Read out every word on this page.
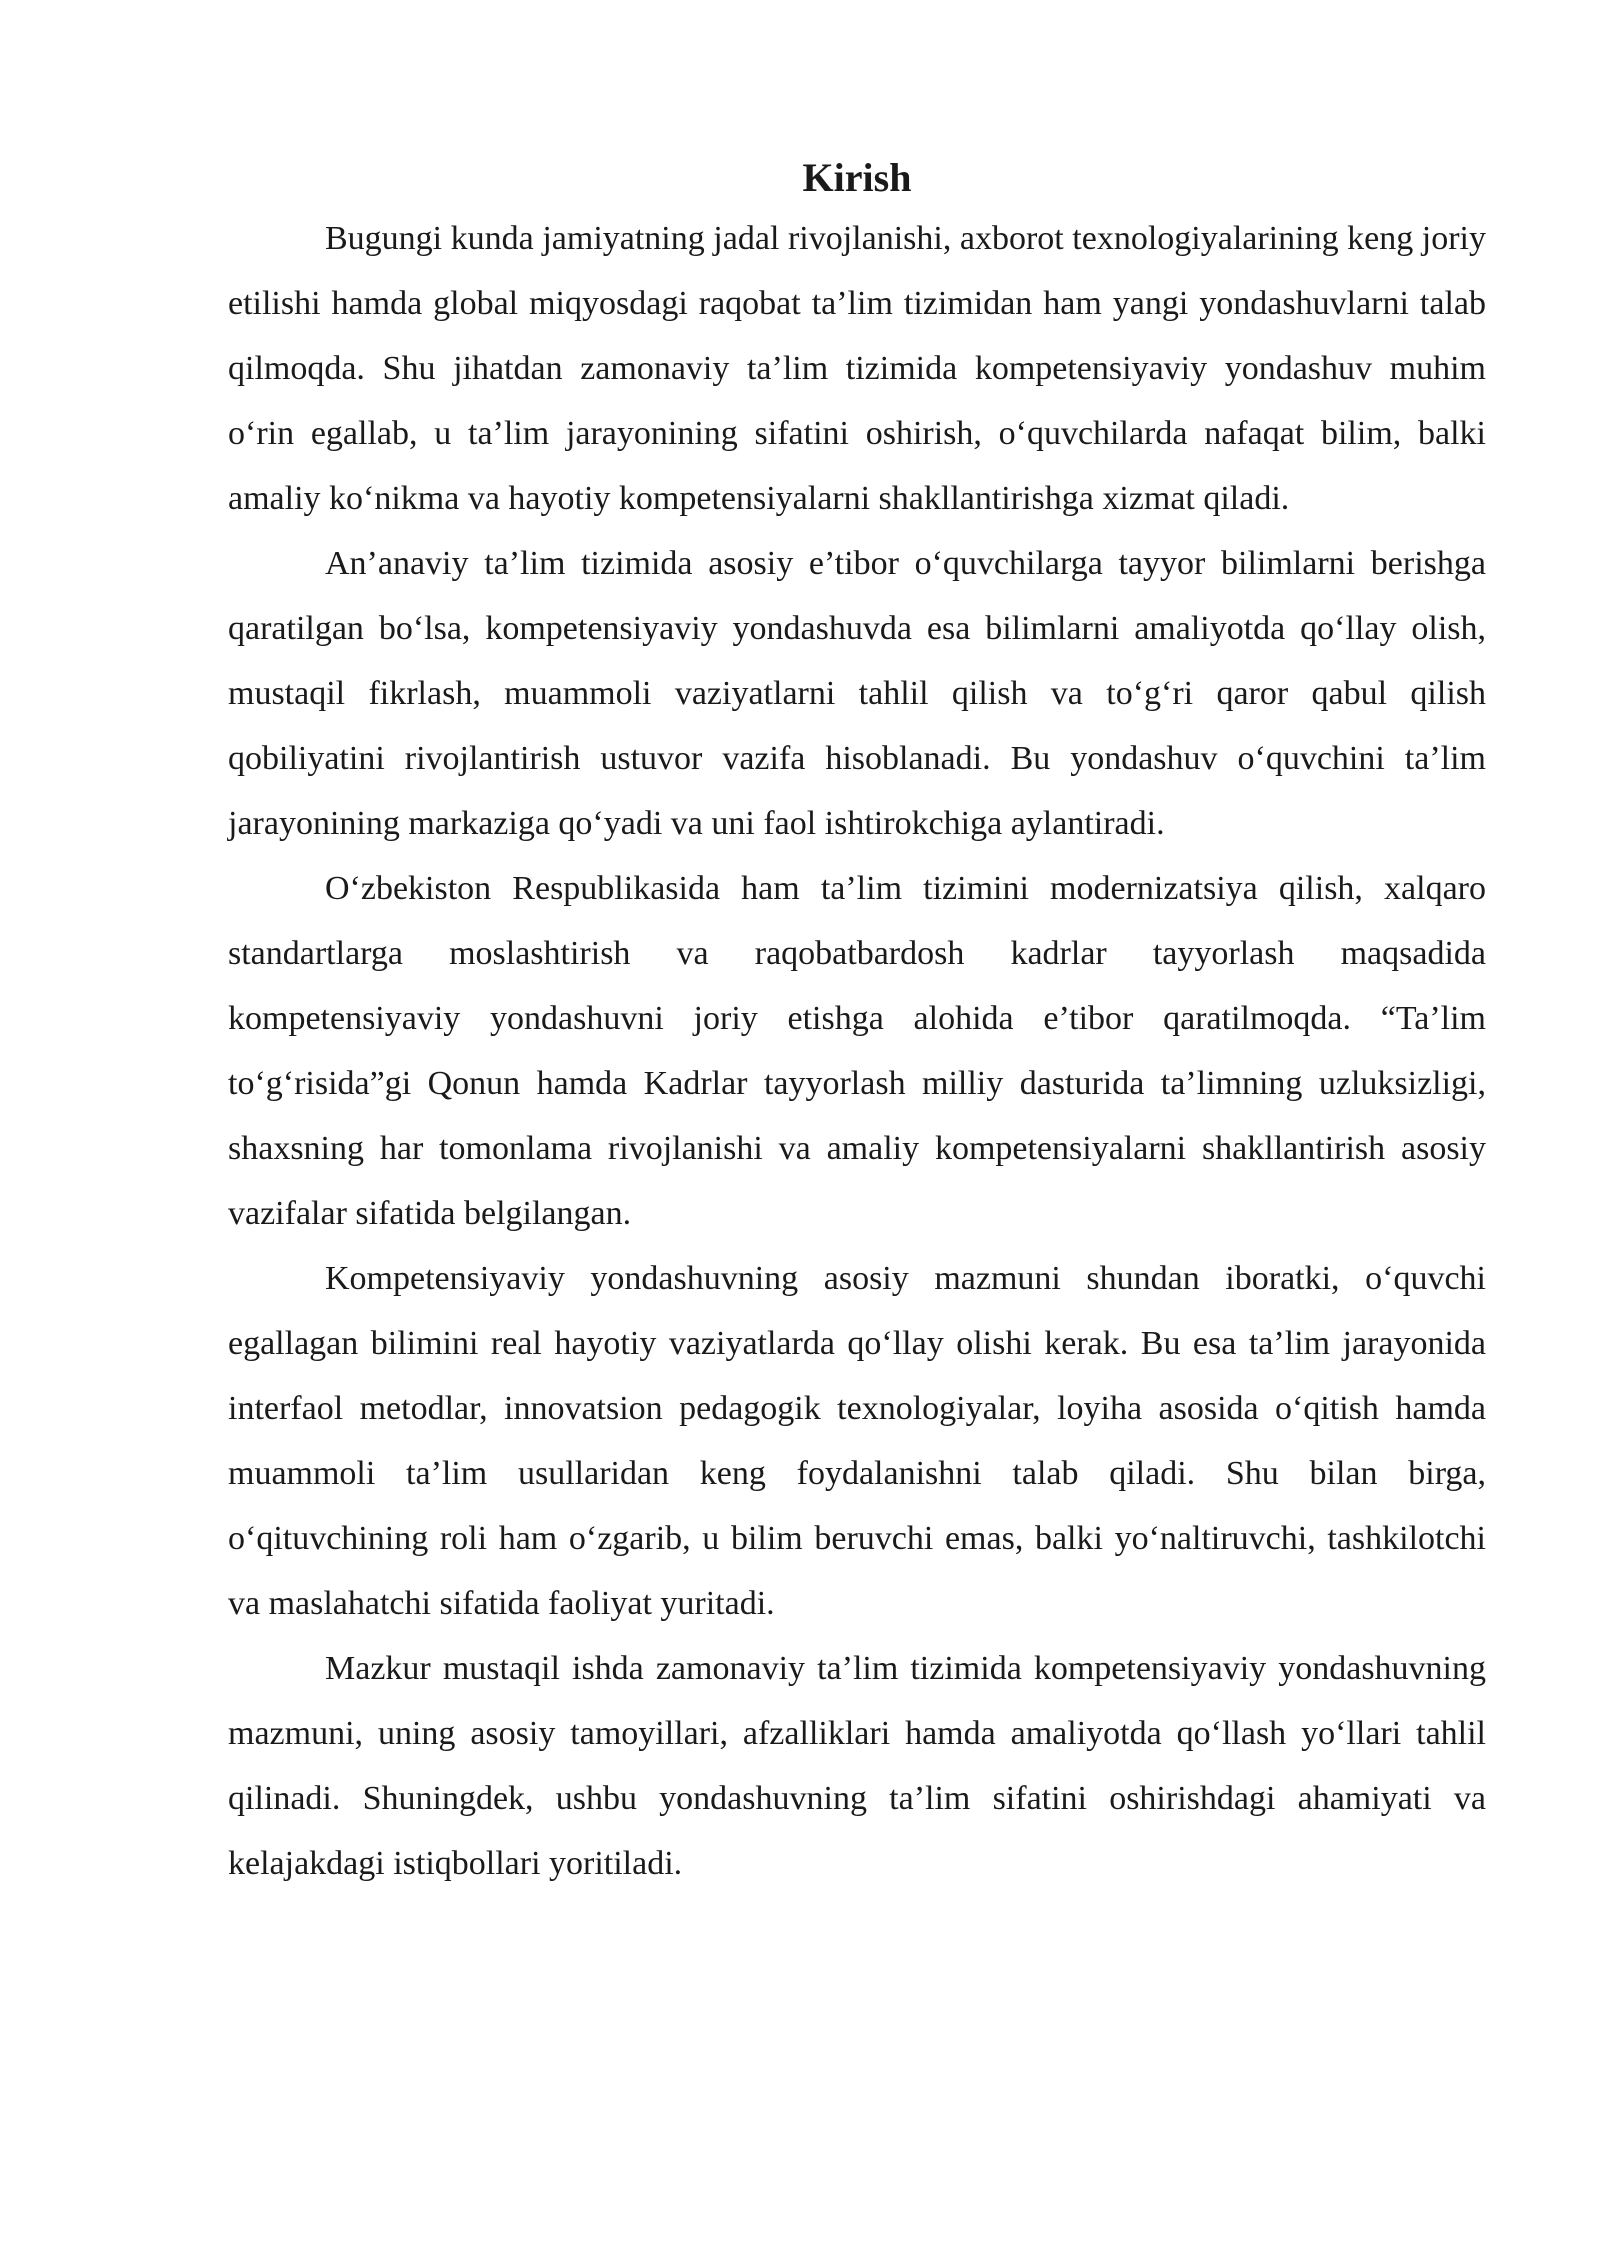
Kirish

Bugungi kunda jamiyatning jadal rivojlanishi, axborot texnologiyalarining keng joriy etilishi hamda global miqyosdagi raqobat ta’lim tizimidan ham yangi yondashuvlarni talab qilmoqda. Shu jihatdan zamonaviy ta’lim tizimida kompetensiyaviy yondashuv muhim o‘rin egallab, u ta’lim jarayonining sifatini oshirish, o‘quvchilarda nafaqat bilim, balki amaliy ko‘nikma va hayotiy kompetensiyalarni shakllantirishga xizmat qiladi.

An’anaviy ta’lim tizimida asosiy e’tibor o‘quvchilarga tayyor bilimlarni berishga qaratilgan bo‘lsa, kompetensiyaviy yondashuvda esa bilimlarni amaliyotda qo‘llay olish, mustaqil fikrlash, muammoli vaziyatlarni tahlil qilish va to‘g‘ri qaror qabul qilish qobiliyatini rivojlantirish ustuvor vazifa hisoblanadi. Bu yondashuv o‘quvchini ta’lim jarayonining markaziga qo‘yadi va uni faol ishtirokchiga aylantiradi.

O‘zbekiston Respublikasida ham ta’lim tizimini modernizatsiya qilish, xalqaro standartlarga moslashtirish va raqobatbardosh kadrlar tayyorlash maqsadida kompetensiyaviy yondashuvni joriy etishga alohida e’tibor qaratilmoqda. “Ta’lim to‘g‘risida”gi Qonun hamda Kadrlar tayyorlash milliy dasturida ta’limning uzluksizligi, shaxsning har tomonlama rivojlanishi va amaliy kompetensiyalarni shakllantirish asosiy vazifalar sifatida belgilangan.

Kompetensiyaviy yondashuvning asosiy mazmuni shundan iboratki, o‘quvchi egallagan bilimini real hayotiy vaziyatlarda qo‘llay olishi kerak. Bu esa ta’lim jarayonida interfaol metodlar, innovatsion pedagogik texnologiyalar, loyiha asosida o‘qitish hamda muammoli ta’lim usullaridan keng foydalanishni talab qiladi. Shu bilan birga, o‘qituvchining roli ham o‘zgarib, u bilim beruvchi emas, balki yo‘naltiruvchi, tashkilotchi va maslahatchi sifatida faoliyat yuritadi.

Mazkur mustaqil ishda zamonaviy ta’lim tizimida kompetensiyaviy yondashuvning mazmuni, uning asosiy tamoyillari, afzalliklari hamda amaliyotda qo‘llash yo‘llari tahlil qilinadi. Shuningdek, ushbu yondashuvning ta’lim sifatini oshirishdagi ahamiyati va kelajakdagi istiqbollari yoritiladi.
